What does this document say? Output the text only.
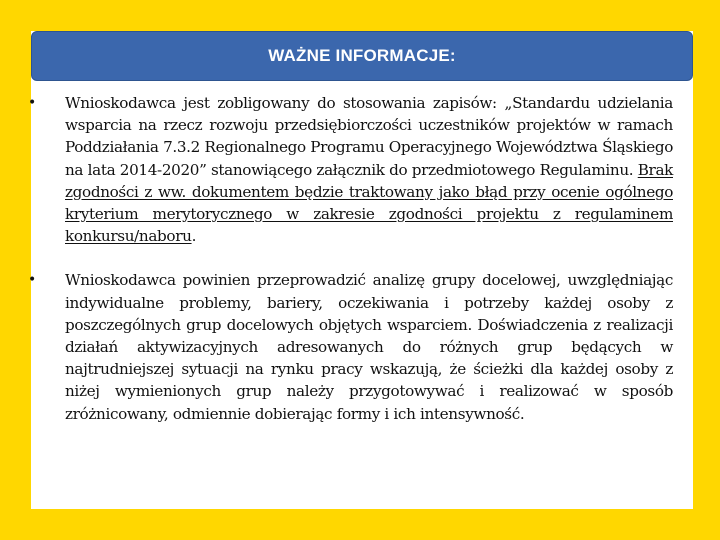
WAŻNE INFORMACJE:
• Wnioskodawca jest zobligowany do stosowania zapisów: „Standardu udzielania wsparcia na rzecz rozwoju przedsiębiorczości uczestników projektów w ramach Poddziałania 7.3.2 Regionalnego Programu Operacyjnego Województwa Śląskiego na lata 2014-2020” stanowiącego załącznik do przedmiotowego Regulaminu. Brak zgodności z ww. dokumentem będzie traktowany jako błąd przy ocenie ogólnego kryterium merytorycznego w zakresie zgodności projektu z regulaminem konkursu/naboru.
• Wnioskodawca powinien przeprowadzić analizę grupy docelowej, uwzględniając indywidualne problemy, bariery, oczekiwania i potrzeby każdej osoby z poszczególnych grup docelowych objętych wsparciem. Doświadczenia z realizacji działań aktywizacyjnych adresowanych do różnych grup będących w najtrudniejszej sytuacji na rynku pracy wskazują, że ścieżki dla każdej osoby z niżej wymienionych grup należy przygotowywać i realizować w sposób zróżnicowany, odmiennie dobierając formy i ich intensywność.
